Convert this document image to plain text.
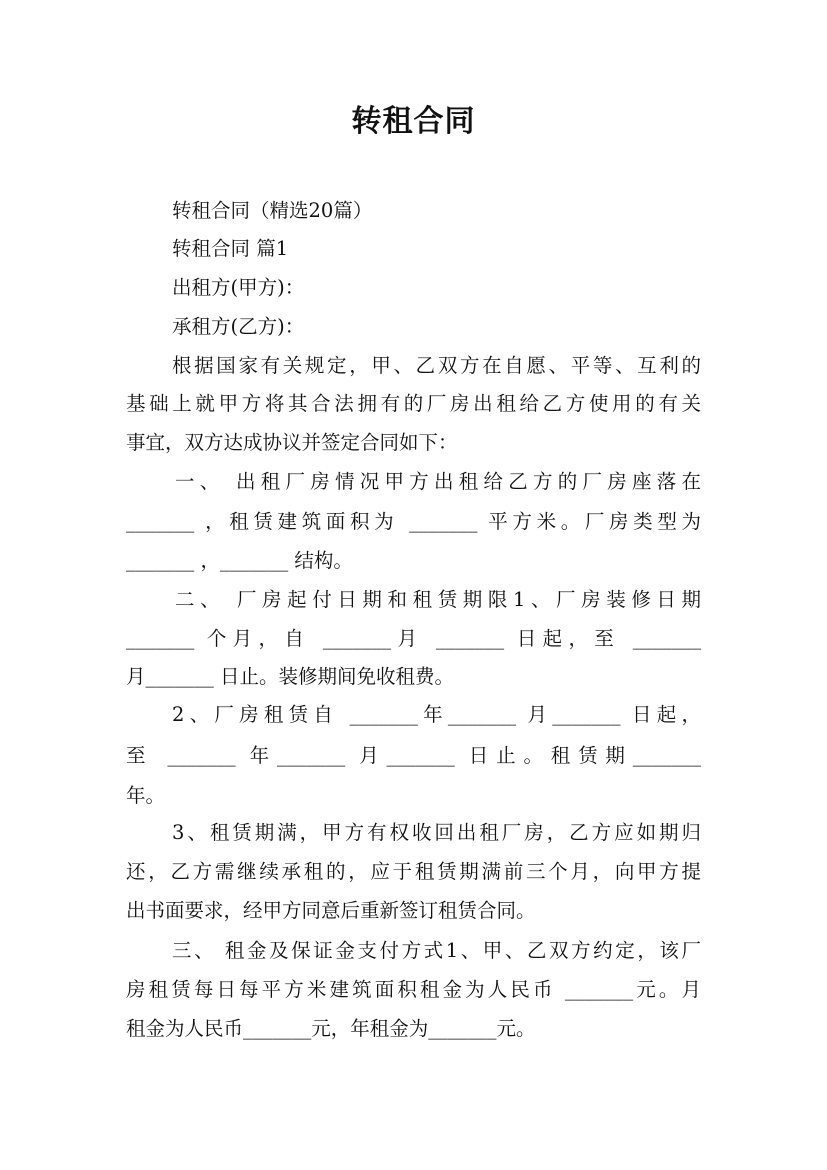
转租合同
转租合同（精选20篇）
转租合同 篇1
出租方(甲方)：
承租方(乙方)：
根据国家有关规定，甲、乙双方在自愿、平等、互利的
基础上就甲方将其合法拥有的厂房出租给乙方使用的有关
事宜，双方达成协议并签定合同如下：
一、 出租厂房情况甲方出租给乙方的厂房座落在
_______ ，租赁建筑面积为 _______ 平方米。厂房类型为
_______ ，_______ 结构。
二、 厂房起付日期和租赁期限1、厂房装修日期
_______ 个月，自 _______月 _______ 日起，至 _______
月_______ 日止。装修期间免收租费。
2、厂房租赁自 _______年_______ 月_______ 日起，
至 _______ 年_______ 月_______ 日止。租赁期_______
年。
3、租赁期满，甲方有权收回出租厂房，乙方应如期归
还，乙方需继续承租的，应于租赁期满前三个月，向甲方提
出书面要求，经甲方同意后重新签订租赁合同。
三、 租金及保证金支付方式1、甲、乙双方约定，该厂
房租赁每日每平方米建筑面积租金为人民币 _______元。月
租金为人民币_______元，年租金为_______元。
